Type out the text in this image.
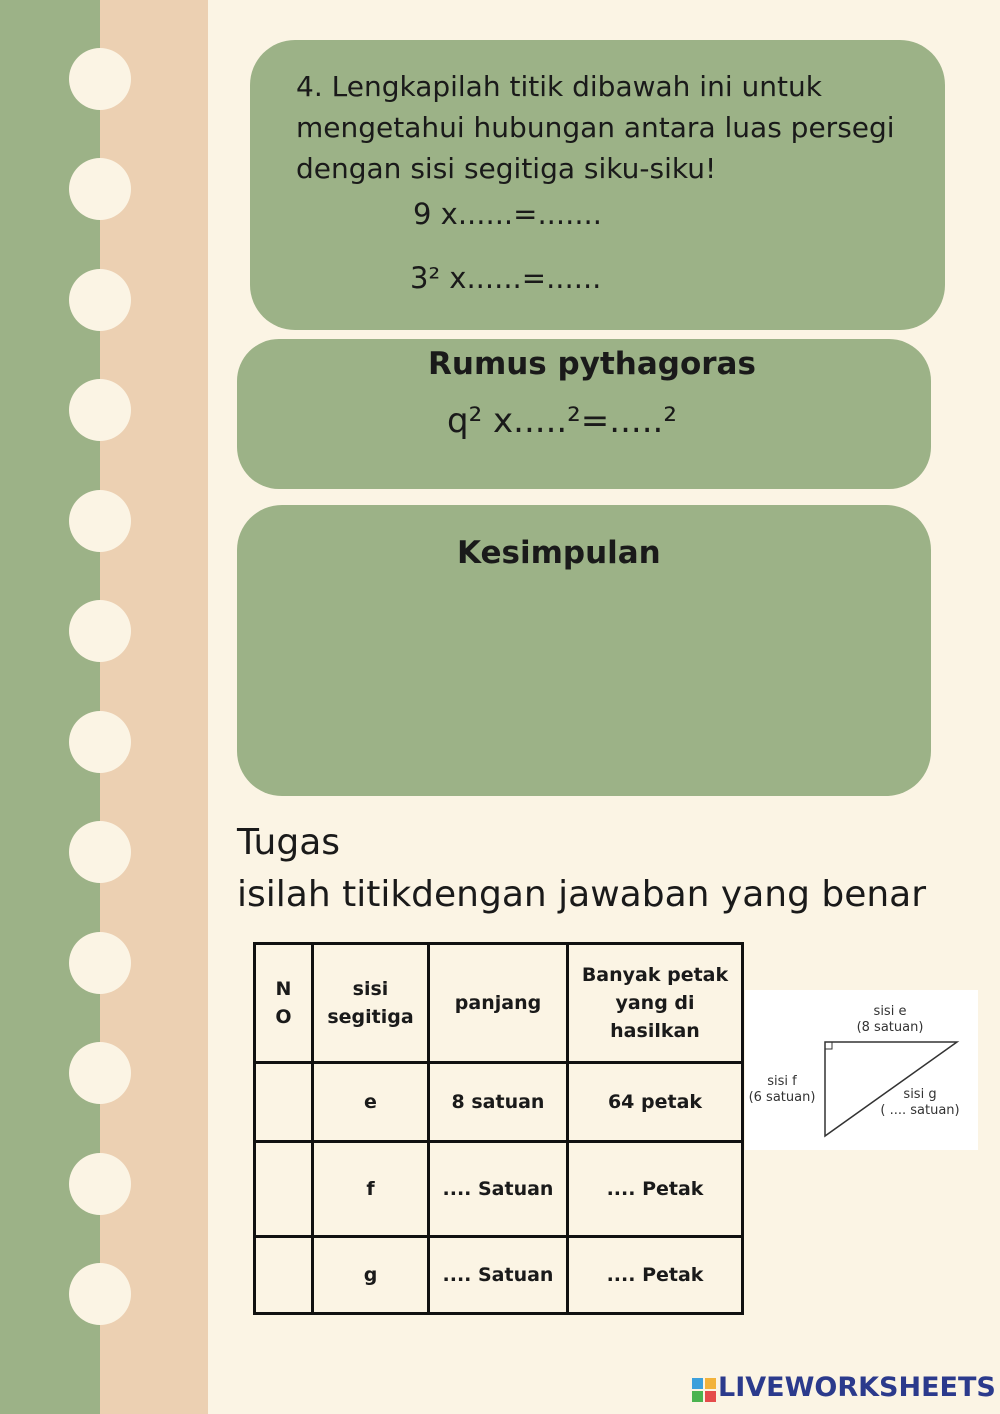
4. Lengkapilah titik dibawah ini untuk mengetahui hubungan antara luas persegi dengan sisi segitiga siku-siku!

9 x......=.......
3² x......=......
Rumus pythagoras
q² x.....²=.....²
Kesimpulan
Tugas
isilah titikdengan jawaban yang benar
N O	sisi segitiga	panjang	Banyak petak yang di hasilkan
	e	8 satuan	64 petak
	f	.... Satuan	.... Petak
	g	.... Satuan	.... Petak
sisi e
(8 satuan)
sisi f
(6 satuan)	sisi g
( .... satuan)
LIVEWORKSHEETS
